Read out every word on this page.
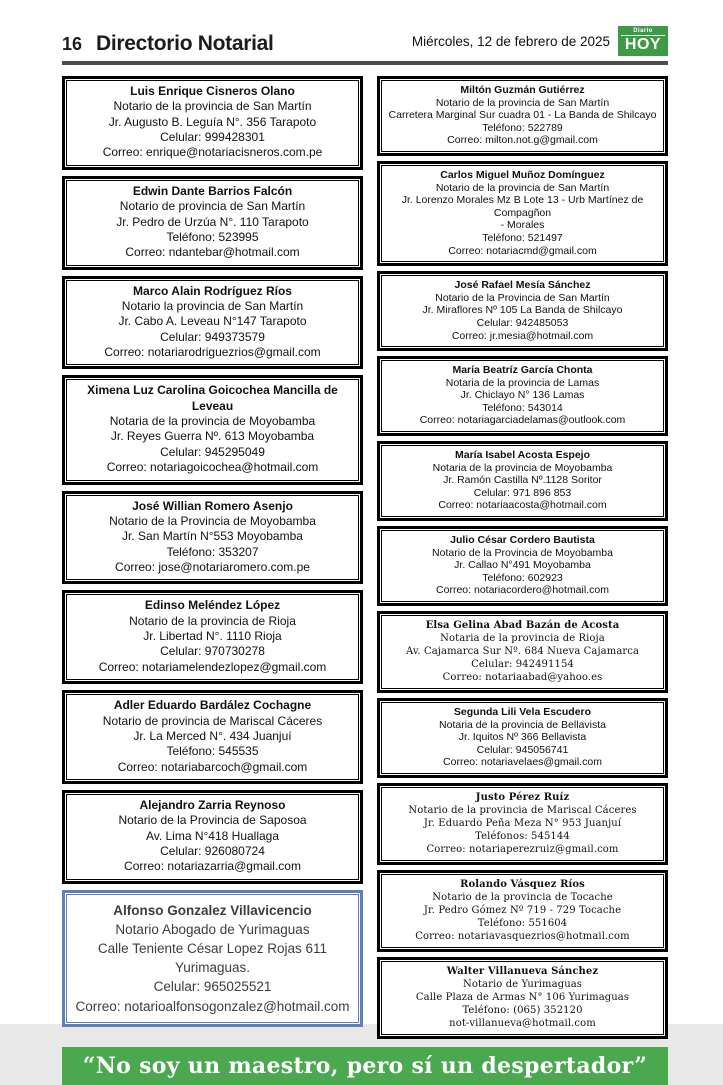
16 Directorio Notarial	Miércoles, 12 de febrero de 2025
Diario
HOY
Luis Enrique Cisneros Olano
Notario de la provincia de San Martín
Jr. Augusto B. Leguía N°. 356 Tarapoto
Celular: 999428301
Correo: enrique@notariacisneros.com.pe
Edwin Dante Barrios Falcón
Notario de provincia de San Martín
Jr. Pedro de Urzúa N°. 110 Tarapoto
Teléfono: 523995
Correo: ndantebar@hotmail.com
Marco Alain Rodríguez Ríos
Notario la provincia de San Martín
Jr. Cabo A. Leveau N°147 Tarapoto
Celular: 949373579
Correo: notariarodriguezrios@gmail.com
Ximena Luz Carolina Goicochea Mancilla de Leveau
Notaria de la provincia de Moyobamba
Jr. Reyes Guerra Nº. 613 Moyobamba
Celular: 945295049
Correo: notariagoicochea@hotmail.com
José Willian Romero Asenjo
Notario de la Provincia de Moyobamba
Jr. San Martín N°553 Moyobamba
Teléfono: 353207
Correo: jose@notariaromero.com.pe
Edinso Meléndez López
Notario de la provincia de Rioja
Jr. Libertad N°. 1110 Rioja
Celular: 970730278
Correo: notariamelendezlopez@gmail.com
Adler Eduardo Bardález Cochagne
Notario de provincia de Mariscal Cáceres
Jr. La Merced N°. 434 Juanjuí
Teléfono: 545535
Correo: notariabarcoch@gmail.com
Alejandro Zarria Reynoso
Notario de la Provincia de Saposoa
Av. Lima N°418 Huallaga
Celular: 926080724
Correo: notariazarria@gmail.com
Alfonso Gonzalez Villavicencio
Notario Abogado de Yurimaguas
Calle Teniente César Lopez Rojas 611 Yurimaguas.
Celular: 965025521
Correo: notarioalfonsogonzalez@hotmail.com
Miltón Guzmán Gutiérrez
Notario de la provincia de San Martín
Carretera Marginal Sur cuadra 01 - La Banda de Shilcayo
Teléfono: 522789
Correo: milton.not.g@gmail.com
Carlos Miguel Muñoz Domínguez
Notario de la provincia de San Martín
Jr. Lorenzo Morales Mz B Lote 13 - Urb Martínez de Compagñon
- Morales
Teléfono: 521497
Correo: notariacmd@gmail.com
José Rafael Mesía Sánchez
Notario de la Provincia de San Martín
Jr. Miraflores Nº 105 La Banda de Shilcayo
Celular: 942485053
Correo: jr.mesia@hotmail.com
María Beatríz García Chonta
Notaria de la provincia de Lamas
Jr. Chiclayo N° 136 Lamas
Teléfono: 543014
Correo: notariagarciadelamas@outlook.com
María Isabel Acosta Espejo
Notaria de la provincia de Moyobamba
Jr. Ramón Castilla Nº.1128 Soritor
Celular: 971 896 853
Correo: notariaacosta@hotmail.com
Julio César Cordero Bautista
Notario de la Provincia de Moyobamba
Jr. Callao N°491 Moyobamba
Teléfono: 602923
Correo: notariacordero@hotmail.com
Elsa Gelina Abad Bazán de Acosta
Notaria de la provincia de Rioja
Av. Cajamarca Sur Nº. 684 Nueva Cajamarca
Celular: 942491154
Correo: notariaabad@yahoo.es
Segunda Lili Vela Escudero
Notaria de la provincia de Bellavista
Jr. Iquitos Nº 366 Bellavista
Celular: 945056741
Correo: notariavelaes@gmail.com
Justo Pérez Ruíz
Notario de la provincia de Mariscal Cáceres
Jr. Eduardo Peña Meza N° 953 Juanjuí
Teléfonos: 545144
Correo: notariaperezruiz@gmail.com
Rolando Vásquez Ríos
Notario de la provincia de Tocache
Jr. Pedro Gómez Nº 719 - 729 Tocache
Teléfono: 551604
Correo: notariavasquezrios@hotmail.com
Walter Villanueva Sánchez
Notario de Yurimaguas
Calle Plaza de Armas N° 106 Yurimaguas
Teléfono: (065) 352120
not-villanueva@hotmail.com
“No soy un maestro, pero sí un despertador”
